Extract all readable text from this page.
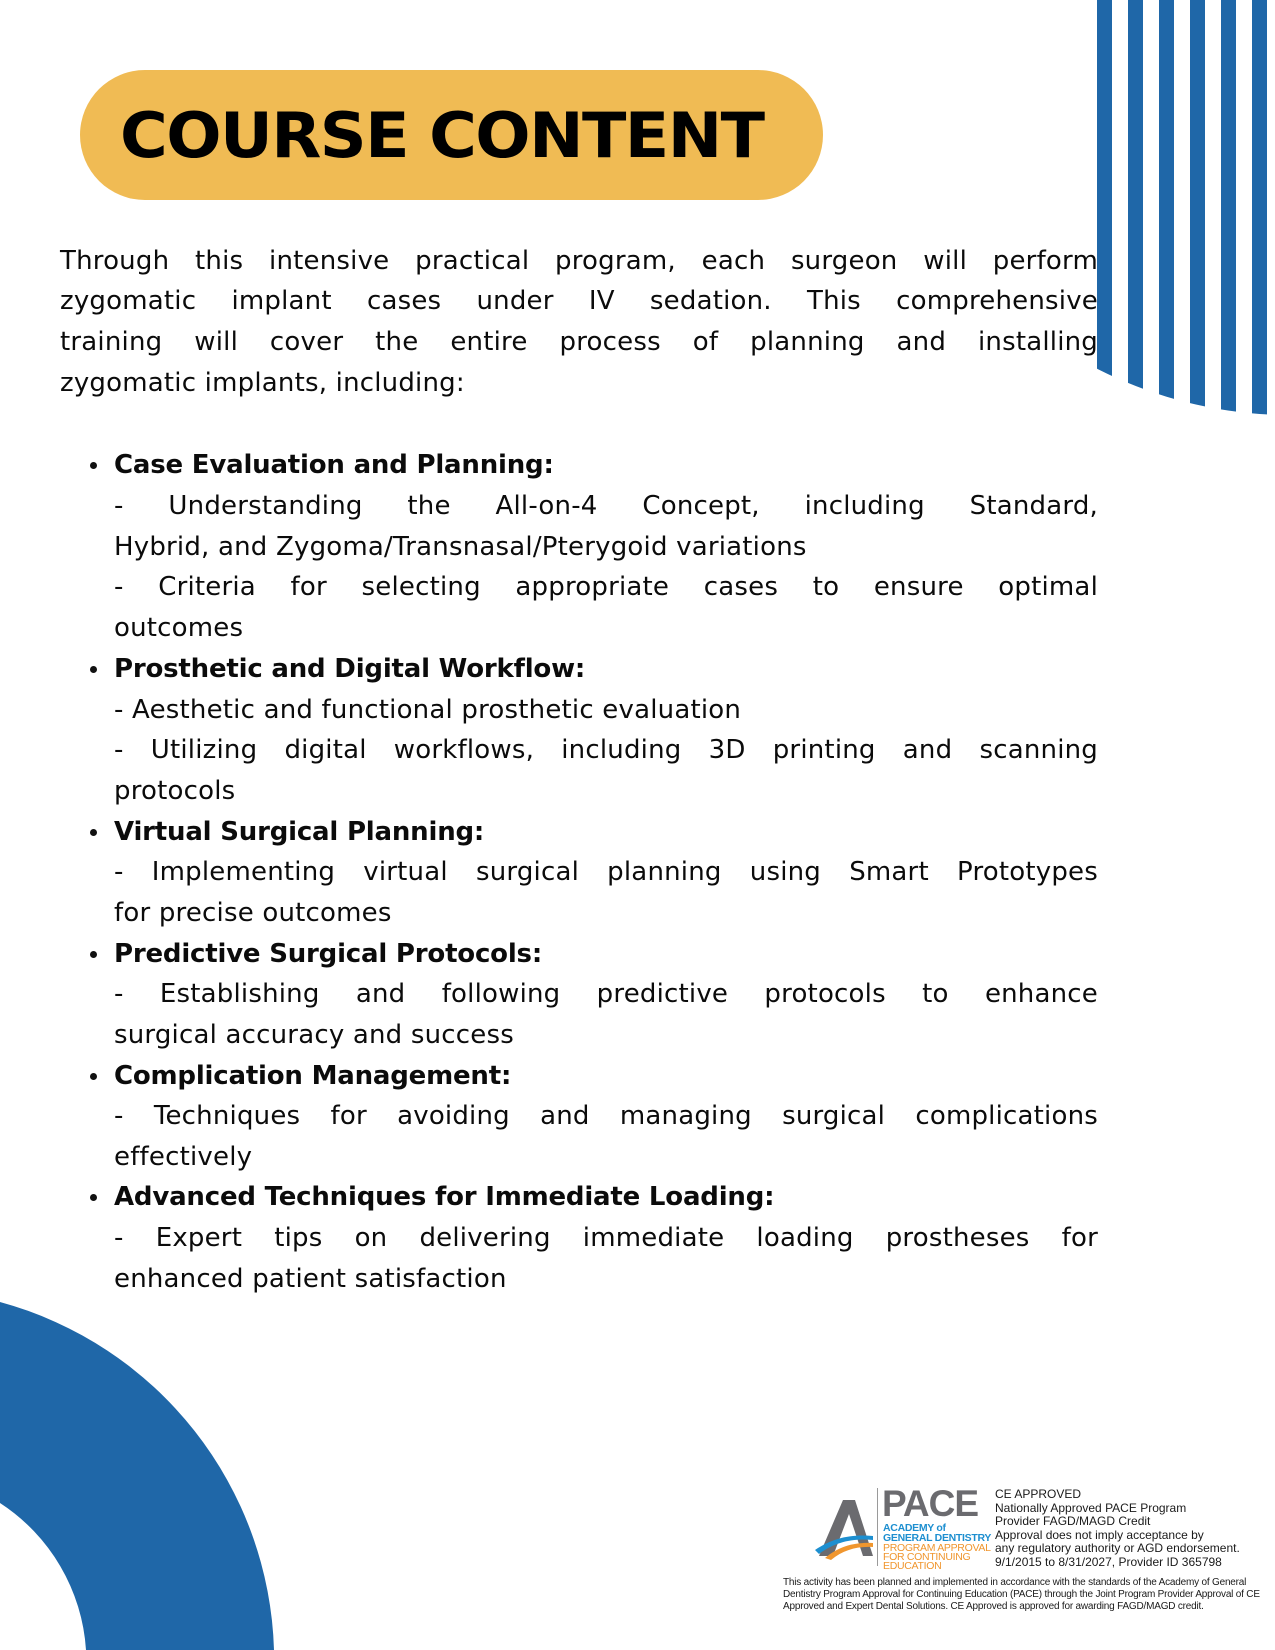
COURSE CONTENT
Through this intensive practical program, each surgeon will perform
zygomatic implant cases under IV sedation. This comprehensive
training will cover the entire process of planning and installing
zygomatic implants, including:
Case Evaluation and Planning:
- Understanding the All-on-4 Concept, including Standard,
Hybrid, and Zygoma/Transnasal/Pterygoid variations
- Criteria for selecting appropriate cases to ensure optimal
outcomes
Prosthetic and Digital Workflow:
- Aesthetic and functional prosthetic evaluation
- Utilizing digital workflows, including 3D printing and scanning
protocols
Virtual Surgical Planning:
- Implementing virtual surgical planning using Smart Prototypes
for precise outcomes
Predictive Surgical Protocols:
- Establishing and following predictive protocols to enhance
surgical accuracy and success
Complication Management:
- Techniques for avoiding and managing surgical complications
effectively
Advanced Techniques for Immediate Loading:
- Expert tips on delivering immediate loading prostheses for
enhanced patient satisfaction
PACE
ACADEMY of
GENERAL DENTISTRY
PROGRAM APPROVAL
FOR CONTINUING
EDUCATION
CE APPROVED
Nationally Approved PACE Program
Provider FAGD/MAGD Credit
Approval does not imply acceptance by
any regulatory authority or AGD endorsement.
9/1/2015 to 8/31/2027, Provider ID 365798
This activity has been planned and implemented in accordance with the standards of the Academy of General
Dentistry Program Approval for Continuing Education (PACE) through the Joint Program Provider Approval of CE
Approved and Expert Dental Solutions. CE Approved is approved for awarding FAGD/MAGD credit.
